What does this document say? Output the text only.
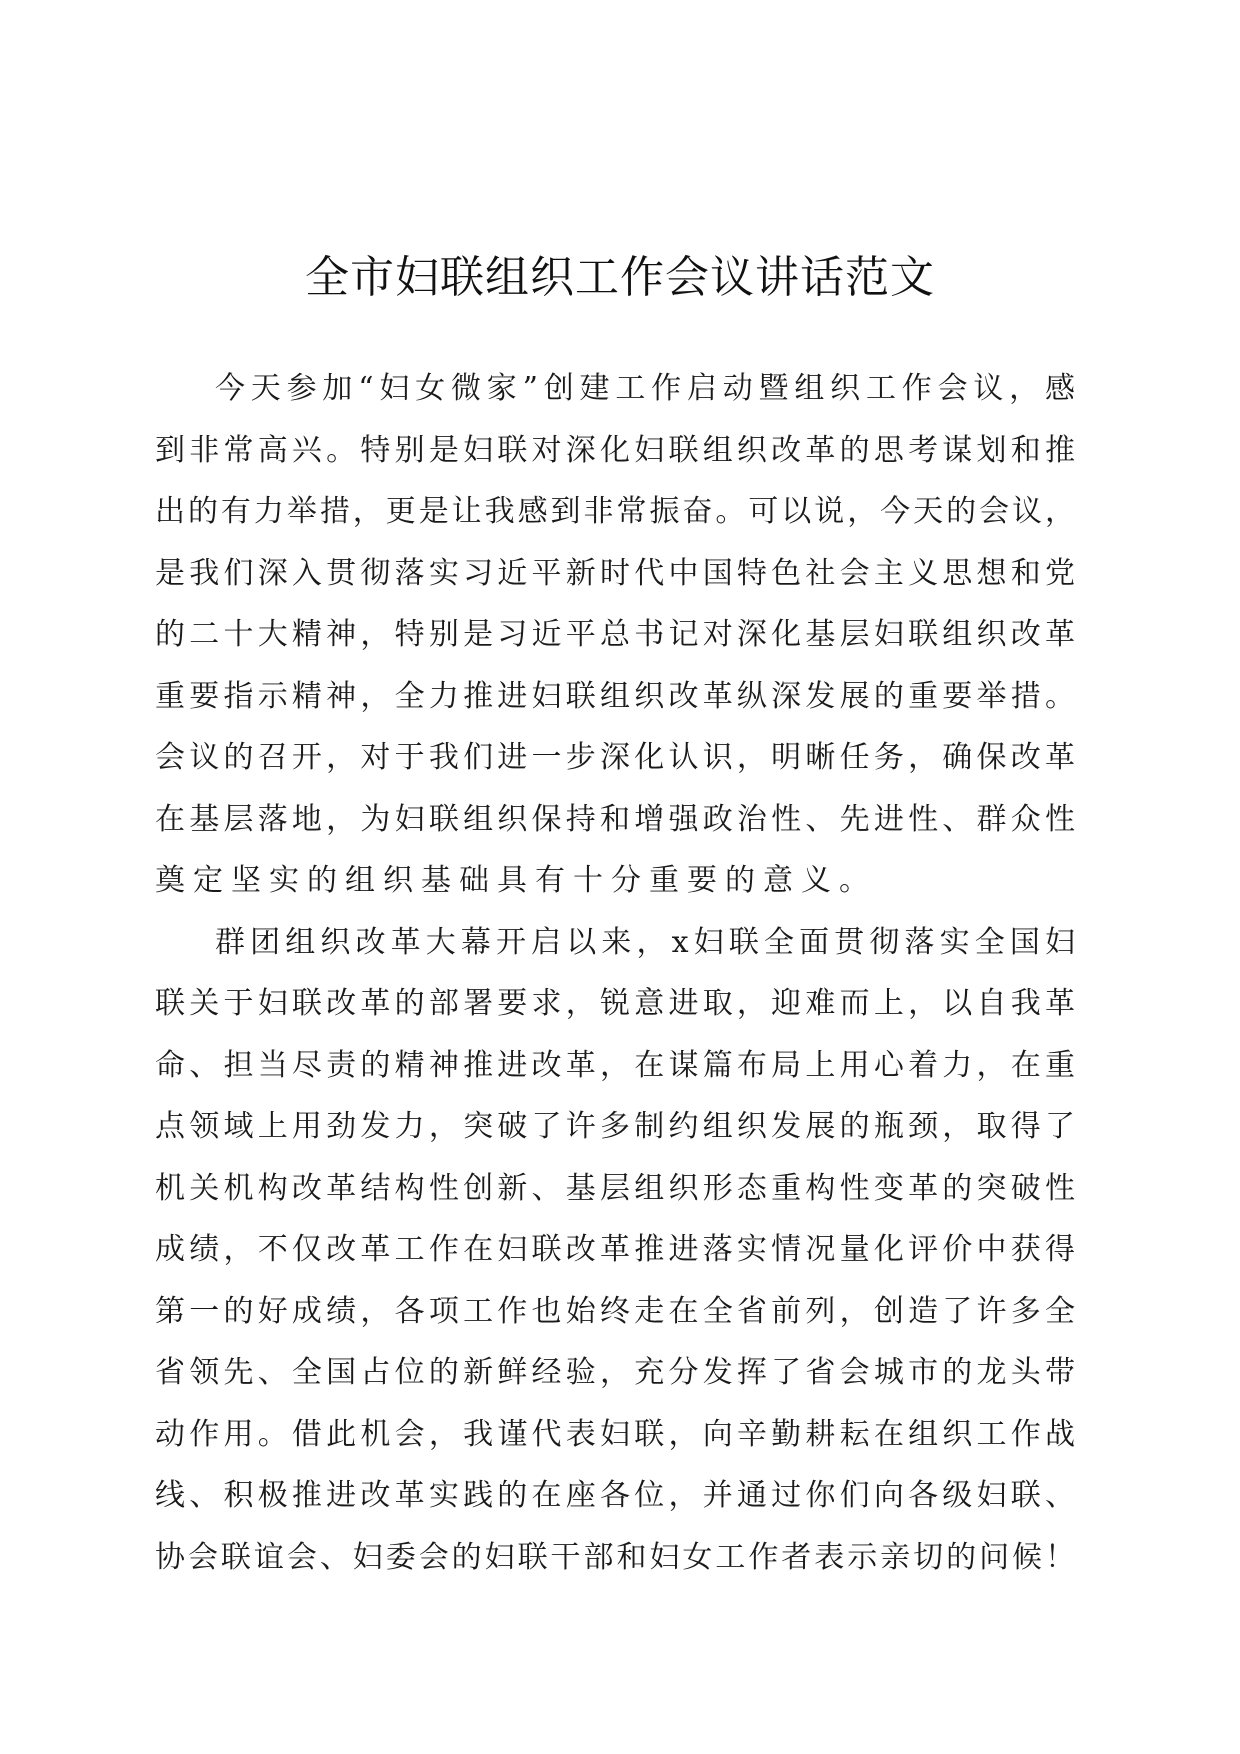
全市妇联组织工作会议讲话范文
今天参加“妇女微家”创建工作启动暨组织工作会议，感
到非常高兴。特别是妇联对深化妇联组织改革的思考谋划和推
出的有力举措，更是让我感到非常振奋。可以说，今天的会议，
是我们深入贯彻落实习近平新时代中国特色社会主义思想和党
的二十大精神，特别是习近平总书记对深化基层妇联组织改革
重要指示精神，全力推进妇联组织改革纵深发展的重要举措。
会议的召开，对于我们进一步深化认识，明晰任务，确保改革
在基层落地，为妇联组织保持和增强政治性、先进性、群众性
奠定坚实的组织基础具有十分重要的意义。
群团组织改革大幕开启以来，x妇联全面贯彻落实全国妇
联关于妇联改革的部署要求，锐意进取，迎难而上，以自我革
命、担当尽责的精神推进改革，在谋篇布局上用心着力，在重
点领域上用劲发力，突破了许多制约组织发展的瓶颈，取得了
机关机构改革结构性创新、基层组织形态重构性变革的突破性
成绩，不仅改革工作在妇联改革推进落实情况量化评价中获得
第一的好成绩，各项工作也始终走在全省前列，创造了许多全
省领先、全国占位的新鲜经验，充分发挥了省会城市的龙头带
动作用。借此机会，我谨代表妇联，向辛勤耕耘在组织工作战
线、积极推进改革实践的在座各位，并通过你们向各级妇联、
协会联谊会、妇委会的妇联干部和妇女工作者表示亲切的问候！
